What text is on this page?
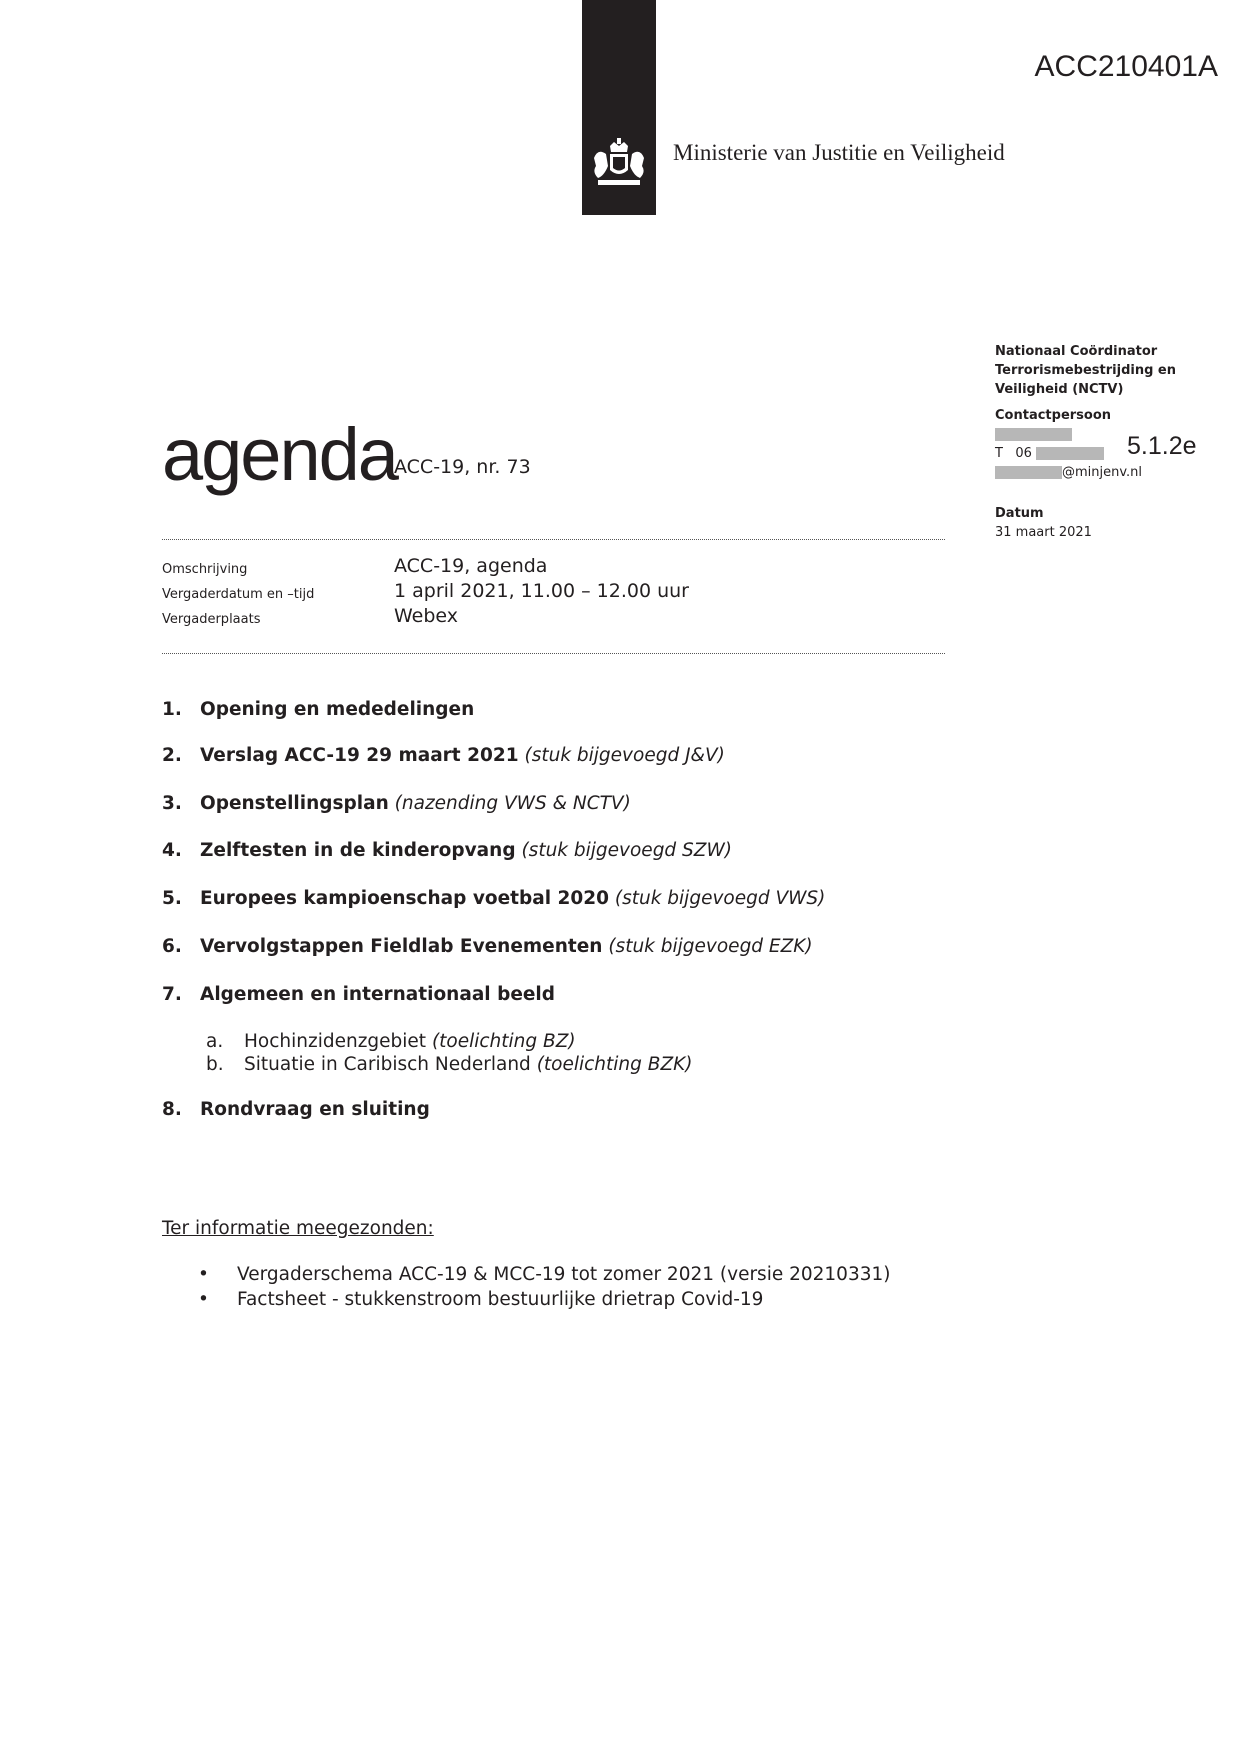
Ministerie van Justitie en Veiligheid
ACC210401A
Nationaal Coördinator
Terrorismebestrijding en
Veiligheid (NCTV)
Contactpersoon
T 06
@minjenv.nl
Datum
31 maart 2021
5.1.2e
agenda
ACC-19, nr. 73
Omschrijving	ACC-19, agenda
Vergaderdatum en –tijd	1 april 2021, 11.00 – 12.00 uur
Vergaderplaats	Webex
1. Opening en mededelingen
2. Verslag ACC-19 29 maart 2021 (stuk bijgevoegd J&V)
3. Openstellingsplan (nazending VWS & NCTV)
4. Zelftesten in de kinderopvang (stuk bijgevoegd SZW)
5. Europees kampioenschap voetbal 2020 (stuk bijgevoegd VWS)
6. Vervolgstappen Fieldlab Evenementen (stuk bijgevoegd EZK)
7. Algemeen en internationaal beeld
a. Hochinzidenzgebiet (toelichting BZ)
b. Situatie in Caribisch Nederland (toelichting BZK)
8. Rondvraag en sluiting
Ter informatie meegezonden:
• Vergaderschema ACC-19 & MCC-19 tot zomer 2021 (versie 20210331)
• Factsheet - stukkenstroom bestuurlijke drietrap Covid-19
